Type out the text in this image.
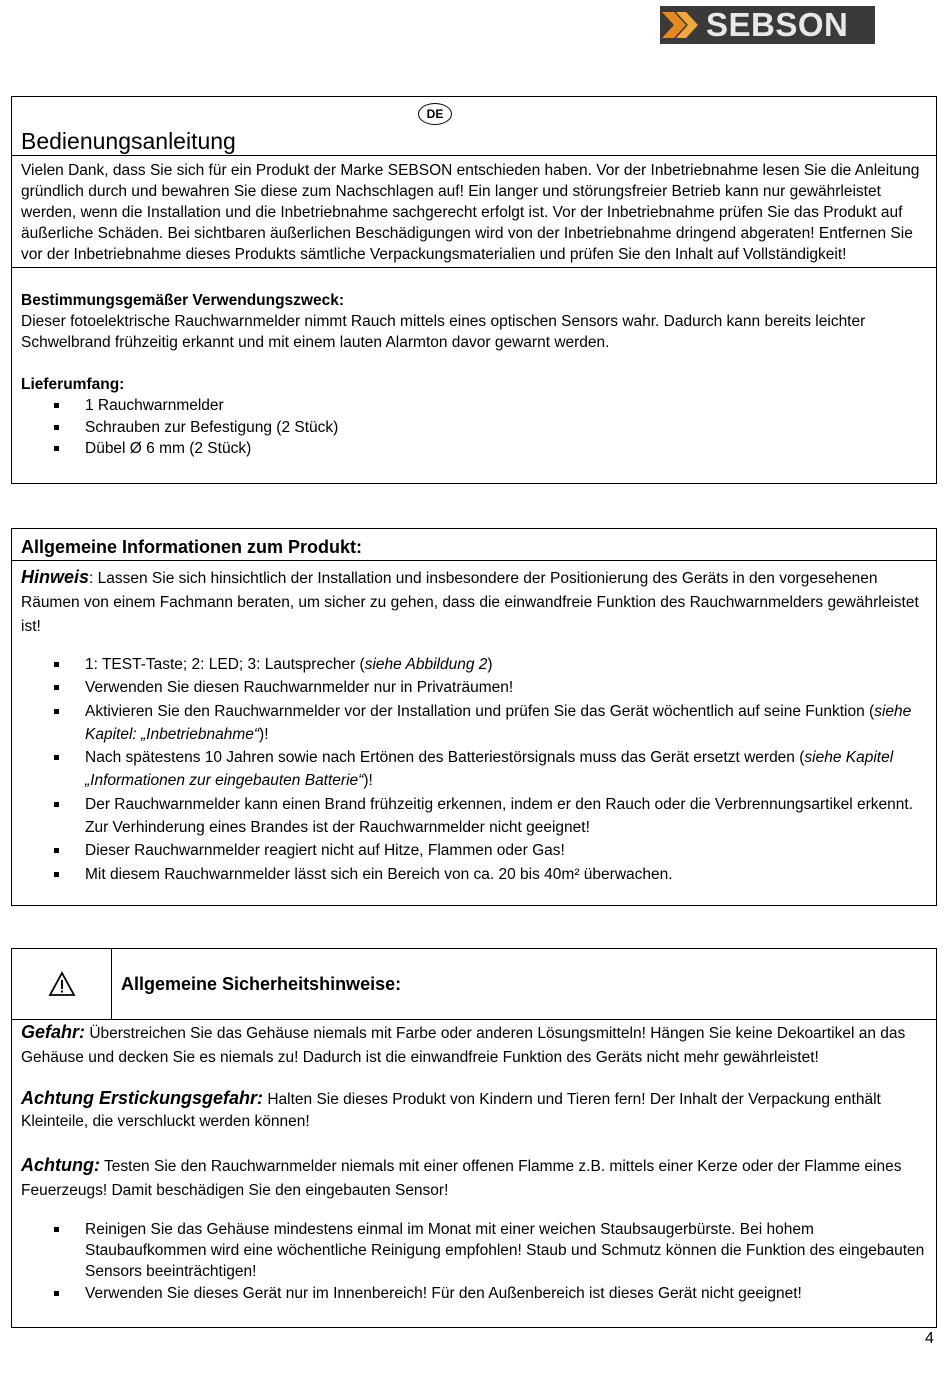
SEBSON
Bedienungsanleitung
DE

Vielen Dank, dass Sie sich für ein Produkt der Marke SEBSON entschieden haben. Vor der Inbetriebnahme lesen Sie die Anleitung gründlich durch und bewahren Sie diese zum Nachschlagen auf! Ein langer und störungsfreier Betrieb kann nur gewährleistet werden, wenn die Installation und die Inbetriebnahme sachgerecht erfolgt ist. Vor der Inbetriebnahme prüfen Sie das Produkt auf äußerliche Schäden. Bei sichtbaren äußerlichen Beschädigungen wird von der Inbetriebnahme dringend abgeraten! Entfernen Sie vor der Inbetriebnahme dieses Produkts sämtliche Verpackungsmaterialien und prüfen Sie den Inhalt auf Vollständigkeit!

Bestimmungsgemäßer Verwendungszweck:

Dieser fotoelektrische Rauchwarnmelder nimmt Rauch mittels eines optischen Sensors wahr. Dadurch kann bereits leichter Schwelbrand frühzeitig erkannt und mit einem lauten Alarmton davor gewarnt werden.

Lieferumfang:

1 Rauchwarnmelder
Schrauben zur Befestigung (2 Stück)
Dübel Ø 6 mm (2 Stück)
Allgemeine Informationen zum Produkt:

Hinweis: Lassen Sie sich hinsichtlich der Installation und insbesondere der Positionierung des Geräts in den vorgesehenen Räumen von einem Fachmann beraten, um sicher zu gehen, dass die einwandfreie Funktion des Rauchwarnmelders gewährleistet ist!

1: TEST-Taste; 2: LED; 3: Lautsprecher (siehe Abbildung 2)
Verwenden Sie diesen Rauchwarnmelder nur in Privaträumen!
Aktivieren Sie den Rauchwarnmelder vor der Installation und prüfen Sie das Gerät wöchentlich auf seine Funktion (siehe Kapitel: „Inbetriebnahme“)!
Nach spätestens 10 Jahren sowie nach Ertönen des Batteriestörsignals muss das Gerät ersetzt werden (siehe Kapitel „Informationen zur eingebauten Batterie“)!
Der Rauchwarnmelder kann einen Brand frühzeitig erkennen, indem er den Rauch oder die Verbrennungsartikel erkennt. Zur Verhinderung eines Brandes ist der Rauchwarnmelder nicht geeignet!
Dieser Rauchwarnmelder reagiert nicht auf Hitze, Flammen oder Gas!
Mit diesem Rauchwarnmelder lässt sich ein Bereich von ca. 20 bis 40m² überwachen.
Allgemeine Sicherheitshinweise:

Gefahr: Überstreichen Sie das Gehäuse niemals mit Farbe oder anderen Lösungsmitteln! Hängen Sie keine Dekoartikel an das Gehäuse und decken Sie es niemals zu! Dadurch ist die einwandfreie Funktion des Geräts nicht mehr gewährleistet!

Achtung Erstickungsgefahr: Halten Sie dieses Produkt von Kindern und Tieren fern! Der Inhalt der Verpackung enthält Kleinteile, die verschluckt werden können!

Achtung: Testen Sie den Rauchwarnmelder niemals mit einer offenen Flamme z.B. mittels einer Kerze oder der Flamme eines Feuerzeugs! Damit beschädigen Sie den eingebauten Sensor!

Reinigen Sie das Gehäuse mindestens einmal im Monat mit einer weichen Staubsaugerbürste. Bei hohem Staubaufkommen wird eine wöchentliche Reinigung empfohlen! Staub und Schmutz können die Funktion des eingebauten Sensors beeinträchtigen!
Verwenden Sie dieses Gerät nur im Innenbereich! Für den Außenbereich ist dieses Gerät nicht geeignet!
4
